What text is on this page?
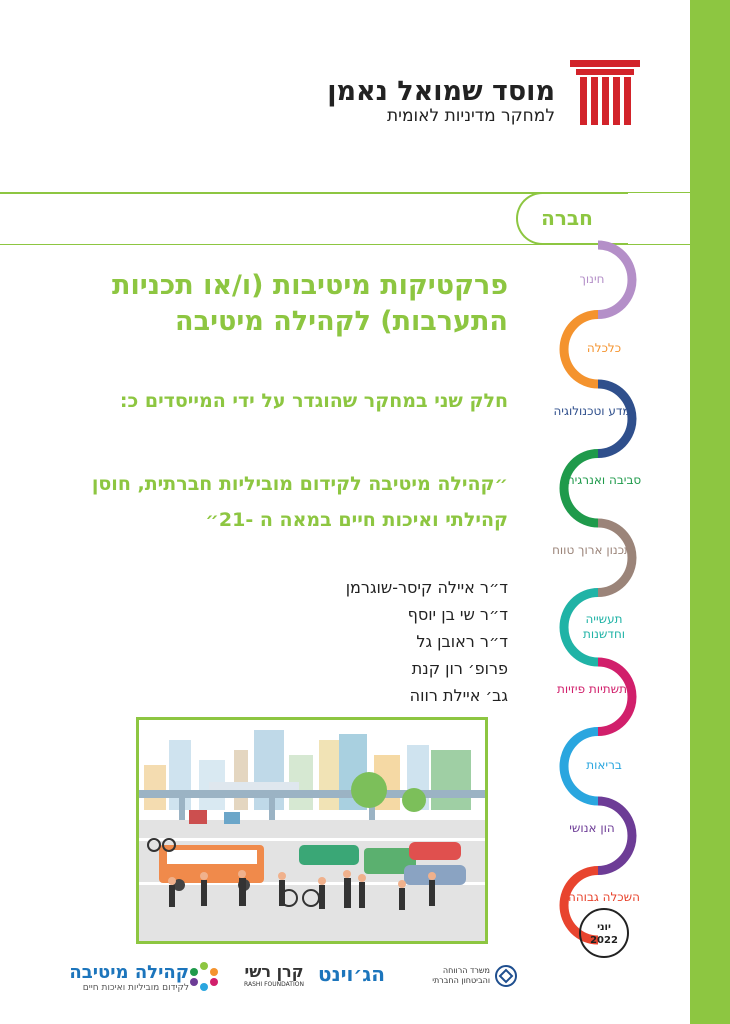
מוסד שמואל נאמן
למחקר מדיניות לאומית
חברה
פרקטיקות מיטיבות (ו/או תכניות התערבות) לקהילה מיטיבה
חלק שני במחקר שהוגדר על ידי המייסדים כ:
״קהילה מיטיבה לקידום מוביליות חברתית, חוסן קהילתי ואיכות חיים במאה ה -21״
ד״ר איילה קיסר-שוגרמן
ד״ר שי בן יוסף
ד״ר ראובן גל
פרופ׳ רון קנת
גב׳ איילת רווה
חינוך
כלכלה
מדע וטכנולוגיה
סביבה ואנרגיה
תכנון ארוך טווח
תעשייה וחדשנות
תשתיות פיזיות
בריאות
הון אנושי
השכלה גבוהה
יוני
2022
משרד הרווחה והביטחון החברתי
הג׳וינט
קרן רשי
RASHI FOUNDATION
קהילה מיטיבה
לקידום מוביליות ואיכות חיים
